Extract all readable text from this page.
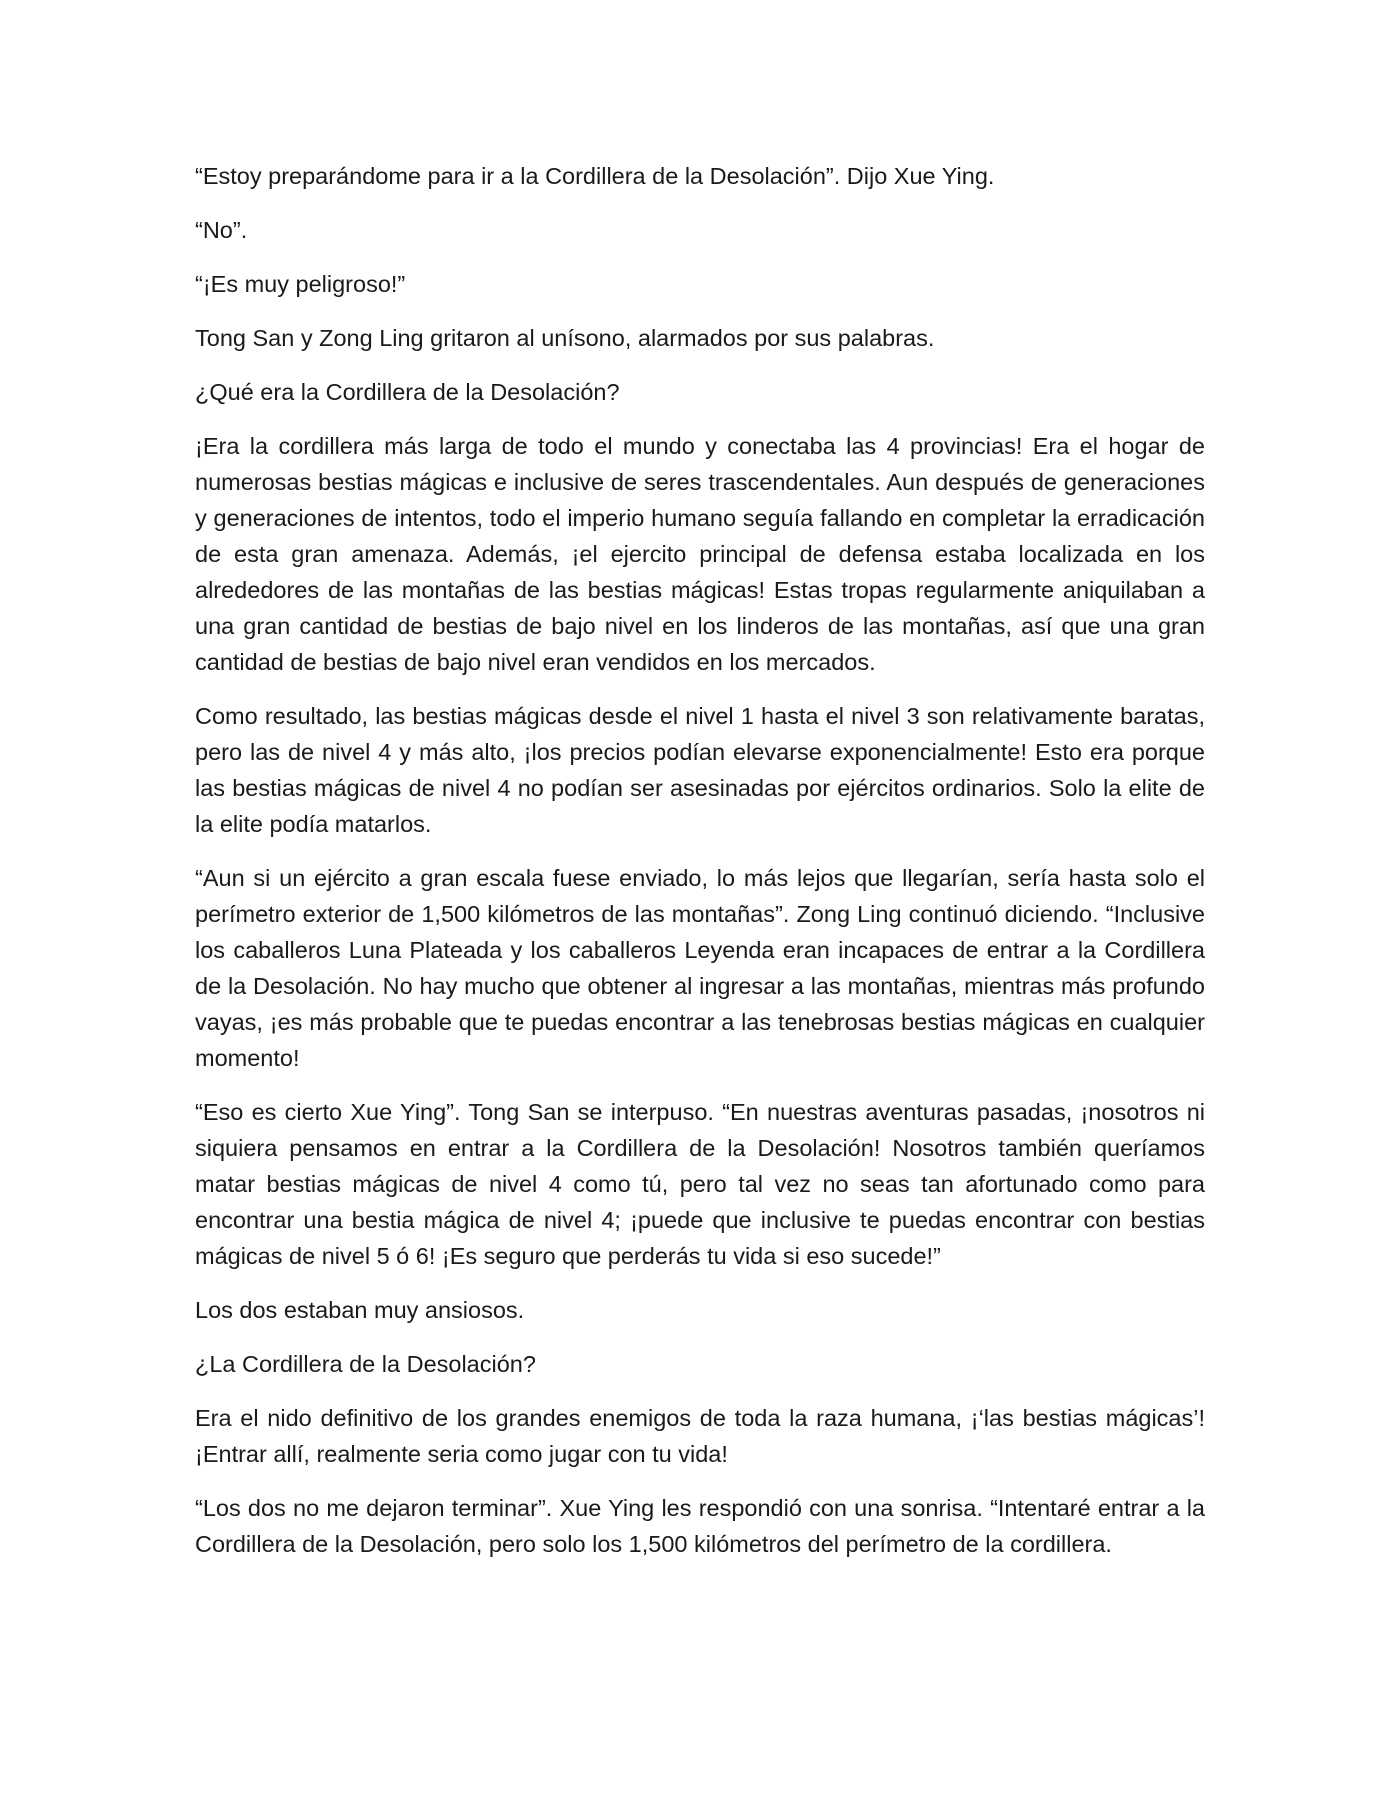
“Estoy preparándome para ir a la Cordillera de la Desolación”. Dijo Xue Ying.

“No”.

“¡Es muy peligroso!”

Tong San y Zong Ling gritaron al unísono, alarmados por sus palabras.

¿Qué era la Cordillera de la Desolación?

¡Era la cordillera más larga de todo el mundo y conectaba las 4 provincias! Era el hogar de numerosas bestias mágicas e inclusive de seres trascendentales. Aun después de generaciones y generaciones de intentos, todo el imperio humano seguía fallando en completar la erradicación de esta gran amenaza. Además, ¡el ejercito principal de defensa estaba localizada en los alrededores de las montañas de las bestias mágicas! Estas tropas regularmente aniquilaban a una gran cantidad de bestias de bajo nivel en los linderos de las montañas, así que una gran cantidad de bestias de bajo nivel eran vendidos en los mercados.

Como resultado, las bestias mágicas desde el nivel 1 hasta el nivel 3 son relativamente baratas, pero las de nivel 4 y más alto, ¡los precios podían elevarse exponencialmente! Esto era porque las bestias mágicas de nivel 4 no podían ser asesinadas por ejércitos ordinarios. Solo la elite de la elite podía matarlos.

“Aun si un ejército a gran escala fuese enviado, lo más lejos que llegarían, sería hasta solo el perímetro exterior de 1,500 kilómetros de las montañas”. Zong Ling continuó diciendo. “Inclusive los caballeros Luna Plateada y los caballeros Leyenda eran incapaces de entrar a la Cordillera de la Desolación. No hay mucho que obtener al ingresar a las montañas, mientras más profundo vayas, ¡es más probable que te puedas encontrar a las tenebrosas bestias mágicas en cualquier momento!

“Eso es cierto Xue Ying”. Tong San se interpuso. “En nuestras aventuras pasadas, ¡nosotros ni siquiera pensamos en entrar a la Cordillera de la Desolación! Nosotros también queríamos matar bestias mágicas de nivel 4 como tú, pero tal vez no seas tan afortunado como para encontrar una bestia mágica de nivel 4; ¡puede que inclusive te puedas encontrar con bestias mágicas de nivel 5 ó 6! ¡Es seguro que perderás tu vida si eso sucede!”

Los dos estaban muy ansiosos.

¿La Cordillera de la Desolación?

Era el nido definitivo de los grandes enemigos de toda la raza humana, ¡‘las bestias mágicas’! ¡Entrar allí, realmente seria como jugar con tu vida!

“Los dos no me dejaron terminar”. Xue Ying les respondió con una sonrisa. “Intentaré entrar a la Cordillera de la Desolación, pero solo los 1,500 kilómetros del perímetro de la cordillera.
